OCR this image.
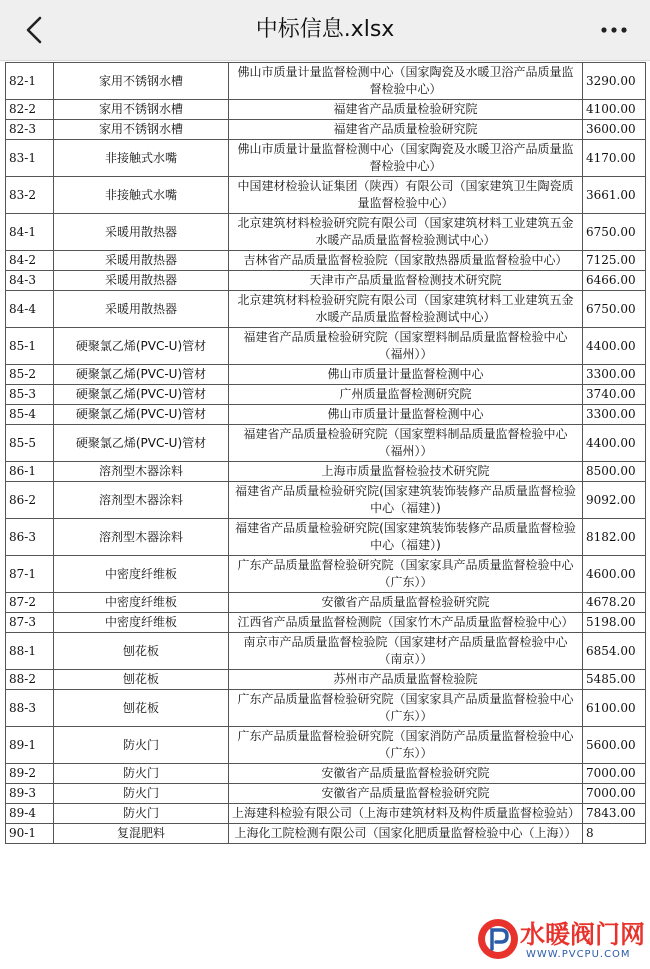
中标信息.xlsx
82-1	家用不锈钢水槽	佛山市质量计量监督检测中心（国家陶瓷及水暖卫浴产品质量监督检验中心）	3290.00
82-2	家用不锈钢水槽	福建省产品质量检验研究院	4100.00
82-3	家用不锈钢水槽	福建省产品质量检验研究院	3600.00
83-1	非接触式水嘴	佛山市质量计量监督检测中心（国家陶瓷及水暖卫浴产品质量监督检验中心）	4170.00
83-2	非接触式水嘴	中国建材检验认证集团（陕西）有限公司（国家建筑卫生陶瓷质量监督检验中心）	3661.00
84-1	采暖用散热器	北京建筑材料检验研究院有限公司（国家建筑材料工业建筑五金水暖产品质量监督检验测试中心）	6750.00
84-2	采暖用散热器	吉林省产品质量监督检验院（国家散热器质量监督检验中心）	7125.00
84-3	采暖用散热器	天津市产品质量监督检测技术研究院	6466.00
84-4	采暖用散热器	北京建筑材料检验研究院有限公司（国家建筑材料工业建筑五金水暖产品质量监督检验测试中心）	6750.00
85-1	硬聚氯乙烯(PVC-U)管材	福建省产品质量检验研究院（国家塑料制品质量监督检验中心（福州））	4400.00
85-2	硬聚氯乙烯(PVC-U)管材	佛山市质量计量监督检测中心	3300.00
85-3	硬聚氯乙烯(PVC-U)管材	广州质量监督检测研究院	3740.00
85-4	硬聚氯乙烯(PVC-U)管材	佛山市质量计量监督检测中心	3300.00
85-5	硬聚氯乙烯(PVC-U)管材	福建省产品质量检验研究院（国家塑料制品质量监督检验中心（福州））	4400.00
86-1	溶剂型木器涂料	上海市质量监督检验技术研究院	8500.00
86-2	溶剂型木器涂料	福建省产品质量检验研究院(国家建筑装饰装修产品质量监督检验中心（福建）)	9092.00
86-3	溶剂型木器涂料	福建省产品质量检验研究院(国家建筑装饰装修产品质量监督检验中心（福建）)	8182.00
87-1	中密度纤维板	广东产品质量监督检验研究院（国家家具产品质量监督检验中心（广东））	4600.00
87-2	中密度纤维板	安徽省产品质量监督检验研究院	4678.20
87-3	中密度纤维板	江西省产品质量监督检测院（国家竹木产品质量监督检验中心）	5198.00
88-1	刨花板	南京市产品质量监督检验院（国家建材产品质量监督检验中心（南京））	6854.00
88-2	刨花板	苏州市产品质量监督检验院	5485.00
88-3	刨花板	广东产品质量监督检验研究院（国家家具产品质量监督检验中心（广东））	6100.00
89-1	防火门	广东产品质量监督检验研究院（国家消防产品质量监督检验中心（广东））	5600.00
89-2	防火门	安徽省产品质量监督检验研究院	7000.00
89-3	防火门	安徽省产品质量监督检验研究院	7000.00
89-4	防火门	上海建科检验有限公司（上海市建筑材料及构件质量监督检验站）	7843.00
90-1	复混肥料	上海化工院检测有限公司（国家化肥质量监督检验中心（上海））	8
水暖阀门网
WWW.PVCPU.COM
